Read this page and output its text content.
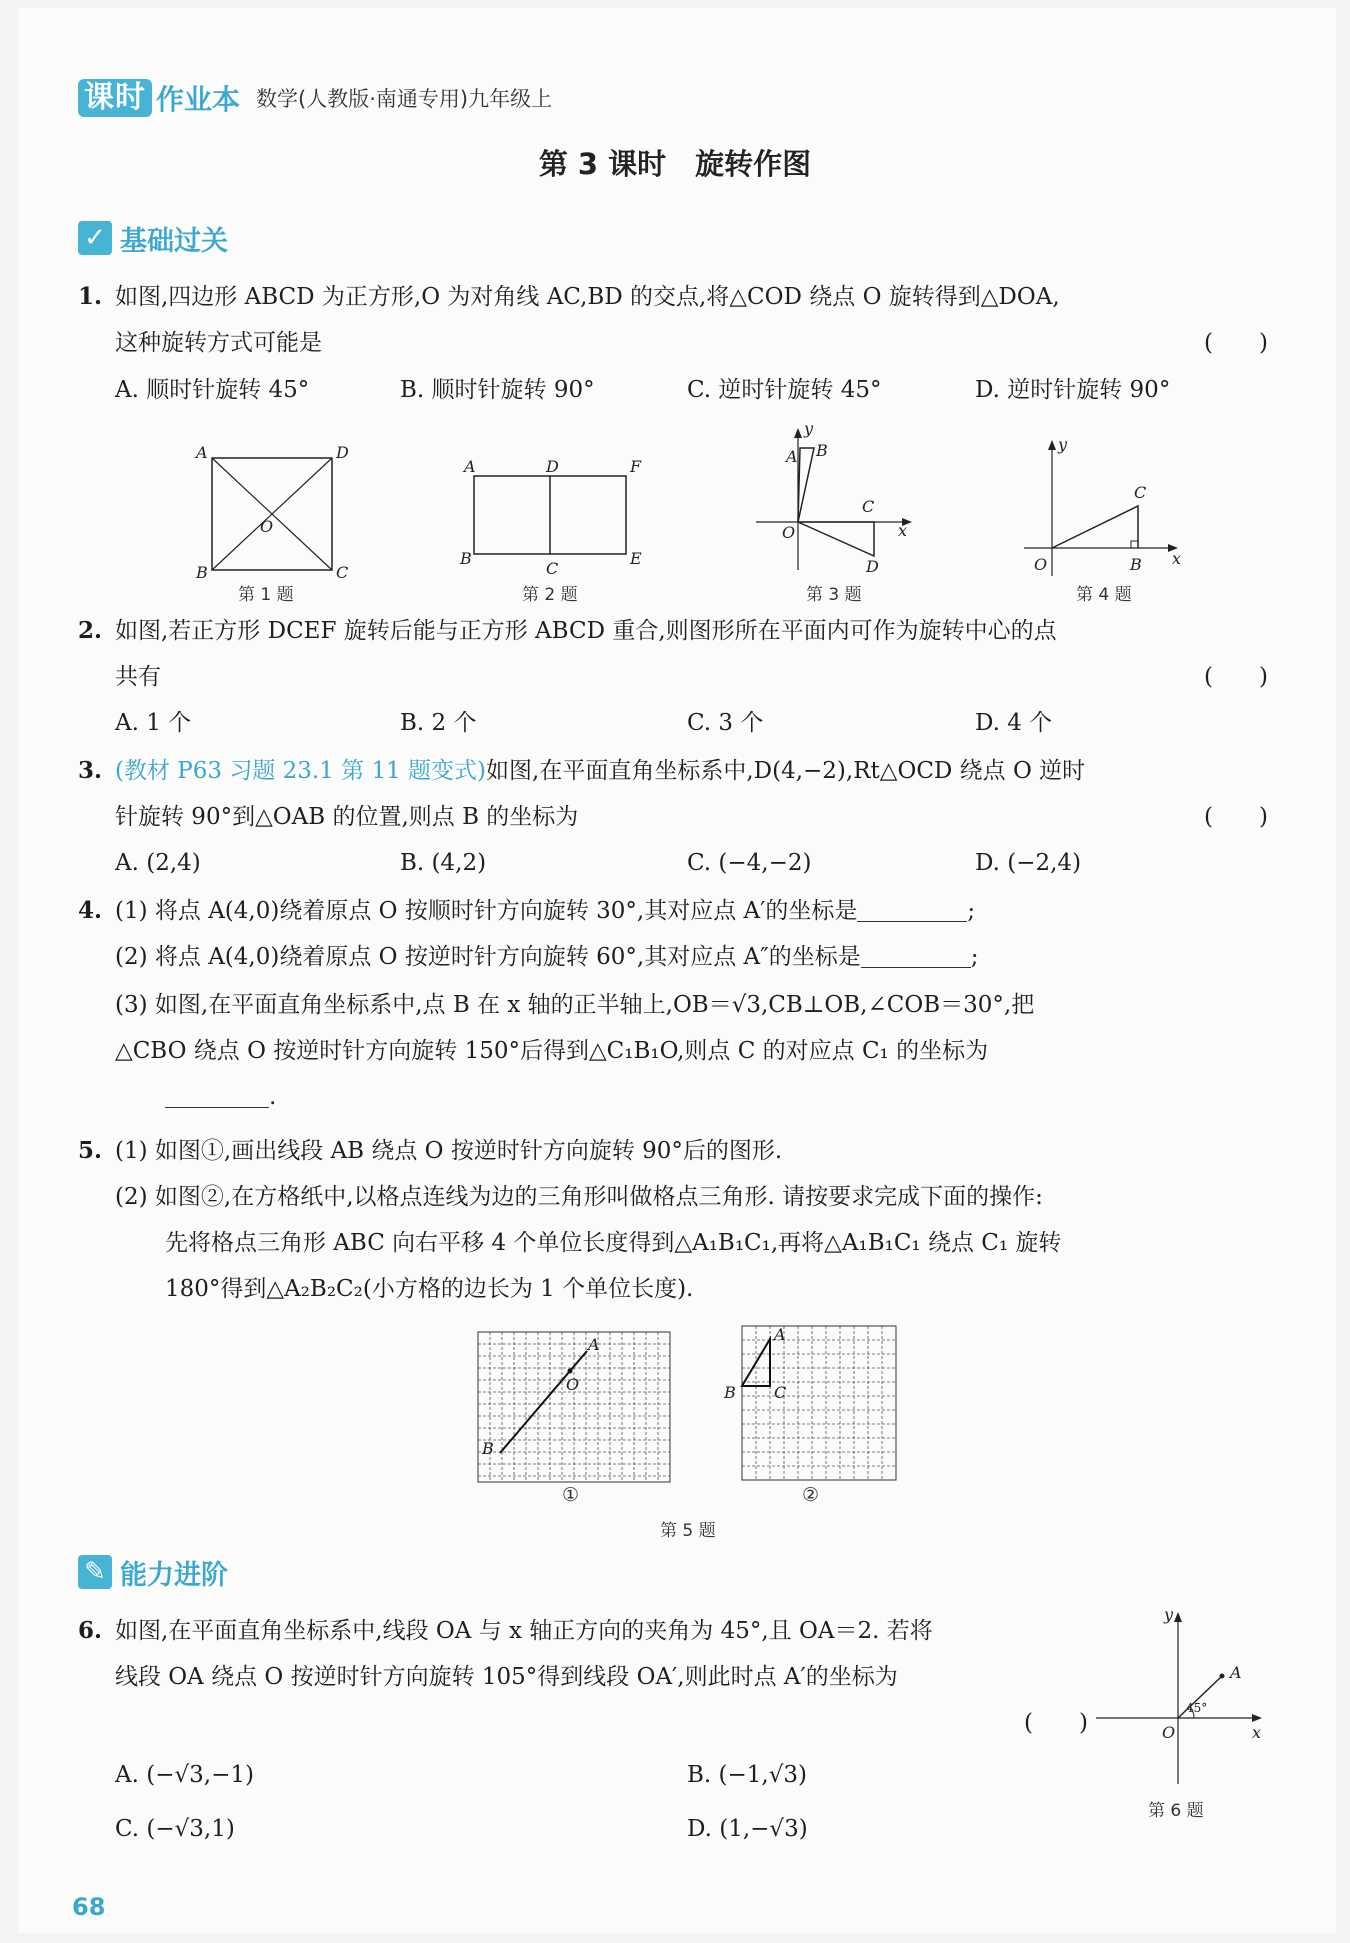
课时 作业本 数学(人教版·南通专用)九年级上
第 3 课时　旋转作图
✓ 基础过关
1. 如图,四边形 ABCD 为正方形,O 为对角线 AC,BD 的交点,将△COD 绕点 O 旋转得到△DOA,
这种旋转方式可能是	(　　)
A. 顺时针旋转 45°	B. 顺时针旋转 90°	C. 逆时针旋转 45°	D. 逆时针旋转 90°
A	D
B	C
O
第 1 题
A	D	F
B
C
E
第 2 题
y
A B
C
O	x
D
第 3 题
y
C
O	B x
第 4 题
2. 如图,若正方形 DCEF 旋转后能与正方形 ABCD 重合,则图形所在平面内可作为旋转中心的点
共有	(　　)
A. 1 个	B. 2 个	C. 3 个	D. 4 个
3. (教材 P63 习题 23.1 第 11 题变式)如图,在平面直角坐标系中,D(4,−2),Rt△OCD 绕点 O 逆时
针旋转 90°到△OAB 的位置,则点 B 的坐标为	(　　)
A. (2,4)	B. (4,2)	C. (−4,−2)	D. (−2,4)
4. (1) 将点 A(4,0)绕着原点 O 按顺时针方向旋转 30°,其对应点 A′的坐标是	;
(2) 将点 A(4,0)绕着原点 O 按逆时针方向旋转 60°,其对应点 A″的坐标是	;
(3) 如图,在平面直角坐标系中,点 B 在 x 轴的正半轴上,OB＝√3,CB⊥OB,∠COB＝30°,把
△CBO 绕点 O 按逆时针方向旋转 150°后得到△C₁B₁O,则点 C 的对应点 C₁ 的坐标为
.
5. (1) 如图①,画出线段 AB 绕点 O 按逆时针方向旋转 90°后的图形.
(2) 如图②,在方格纸中,以格点连线为边的三角形叫做格点三角形. 请按要求完成下面的操作:
先将格点三角形 ABC 向右平移 4 个单位长度得到△A₁B₁C₁,再将△A₁B₁C₁ 绕点 C₁ 旋转
180°得到△A₂B₂C₂(小方格的边长为 1 个单位长度).
A
O
B
①
A
B C
②
第 5 题
✎ 能力进阶
6. 如图,在平面直角坐标系中,线段 OA 与 x 轴正方向的夹角为 45°,且 OA＝2. 若将
线段 OA 绕点 O 按逆时针方向旋转 105°得到线段 OA′,则此时点 A′的坐标为
(　　)
A. (−√3,−1)	B. (−1,√3)
C. (−√3,1)	D. (1,−√3)
y
A
45°
O	x
第 6 题
68
